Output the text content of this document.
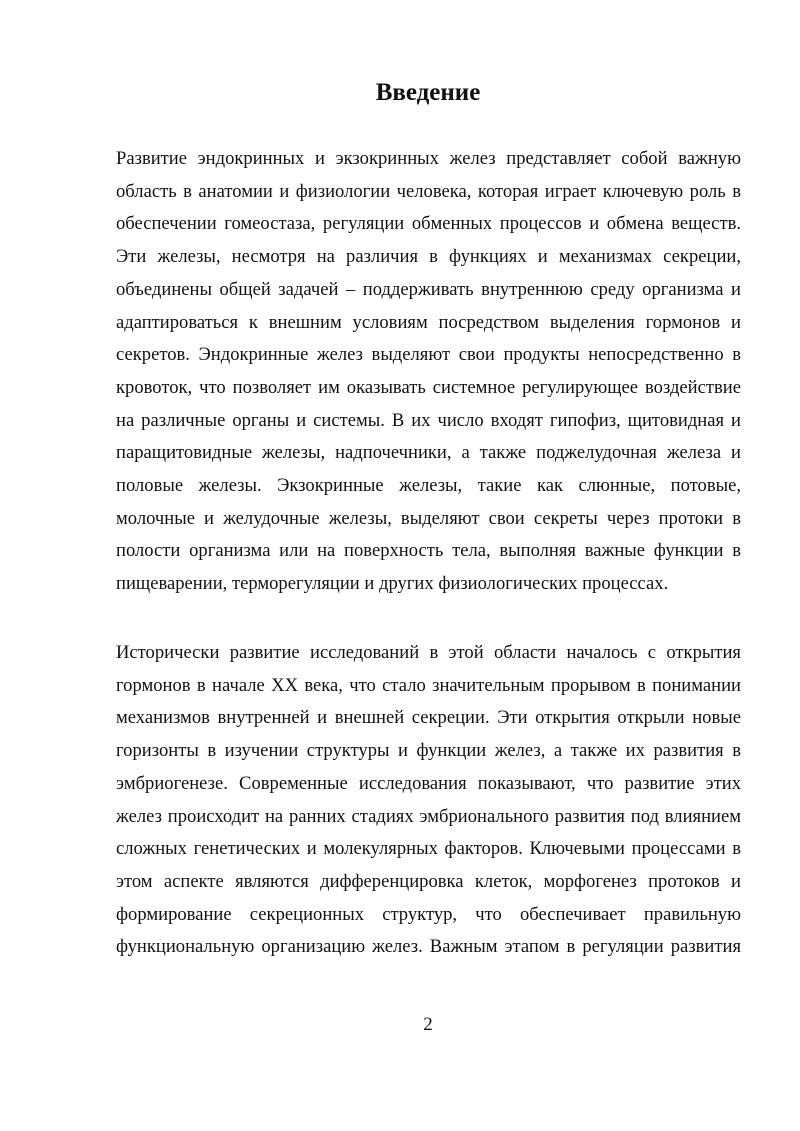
Введение

Развитие эндокринных и экзокринных желез представляет собой важную область в анатомии и физиологии человека, которая играет ключевую роль в обеспечении гомеостаза, регуляции обменных процессов и обмена веществ. Эти железы, несмотря на различия в функциях и механизмах секреции, объединены общей задачей – поддерживать внутреннюю среду организма и адаптироваться к внешним условиям посредством выделения гормонов и секретов. Эндокринные желез выделяют свои продукты непосредственно в кровоток, что позволяет им оказывать системное регулирующее воздействие на различные органы и системы. В их число входят гипофиз, щитовидная и паращитовидные железы, надпочечники, а также поджелудочная железа и половые железы. Экзокринные железы, такие как слюнные, потовые, молочные и желудочные железы, выделяют свои секреты через протоки в полости организма или на поверхность тела, выполняя важные функции в пищеварении, терморегуляции и других физиологических процессах.

Исторически развитие исследований в этой области началось с открытия гормонов в начале XX века, что стало значительным прорывом в понимании механизмов внутренней и внешней секреции. Эти открытия открыли новые горизонты в изучении структуры и функции желез, а также их развития в эмбриогенезе. Современные исследования показывают, что развитие этих желез происходит на ранних стадиях эмбрионального развития под влиянием сложных генетических и молекулярных факторов. Ключевыми процессами в этом аспекте являются дифференцировка клеток, морфогенез протоков и формирование секреционных структур, что обеспечивает правильную функциональную организацию желез. Важным этапом в регуляции развития

2
